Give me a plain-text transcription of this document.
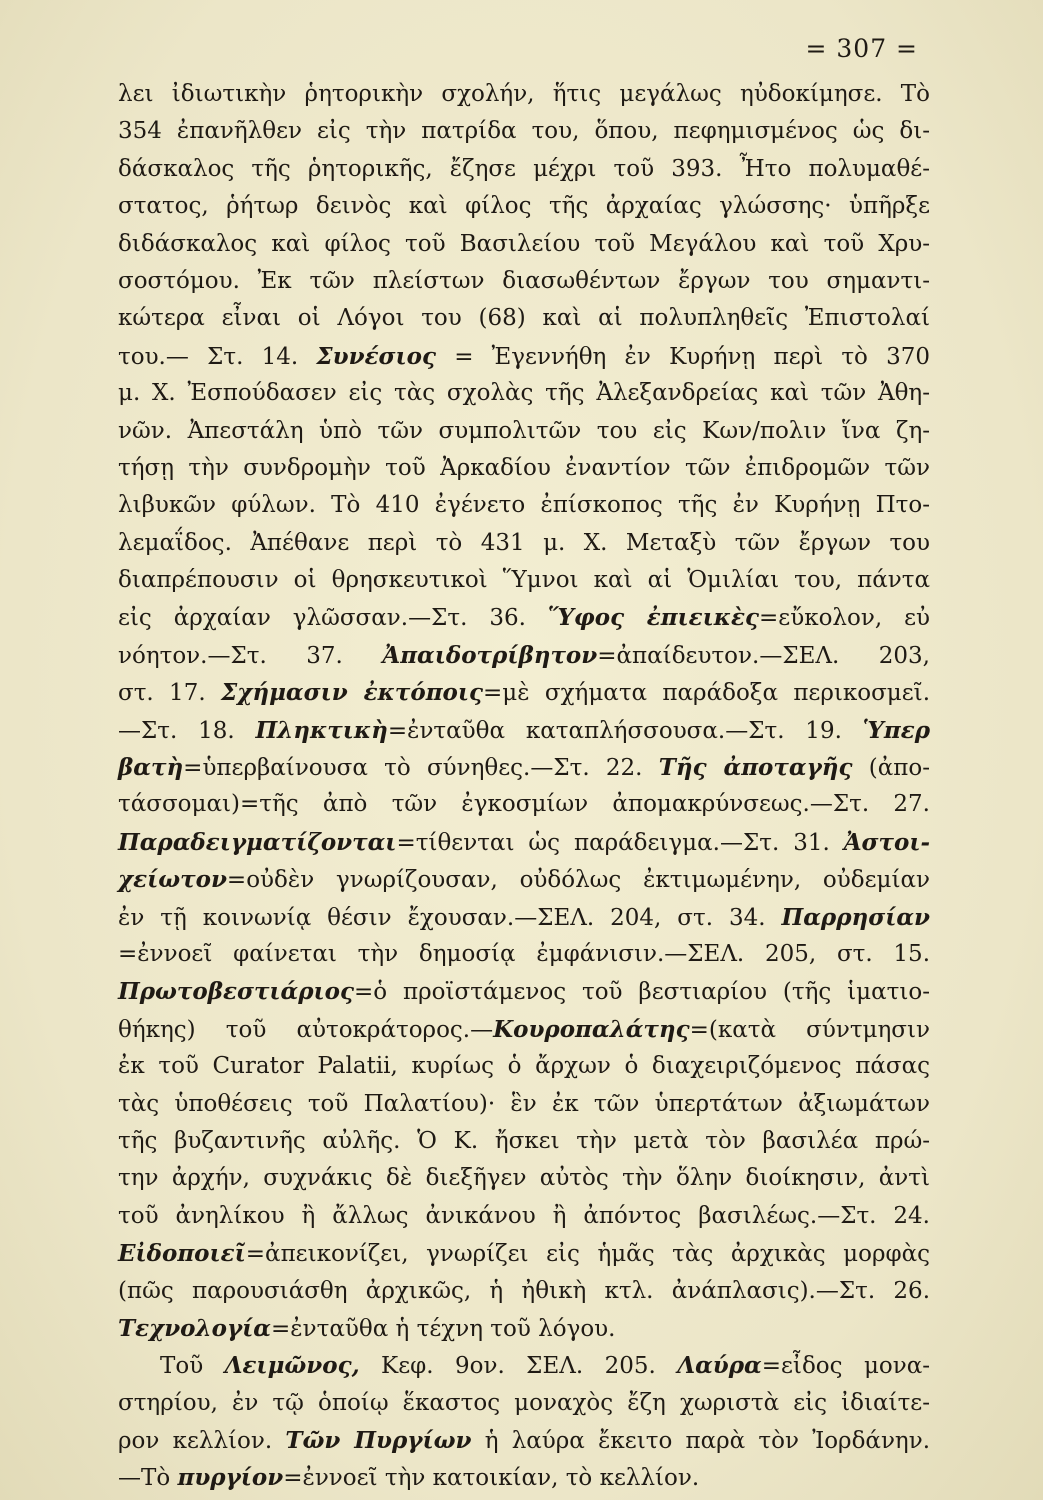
= 307 =
λει ἰδιωτικὴν ῥητορικὴν σχολήν, ἥτις μεγάλως ηὐδοκίμησε. Τὸ
354 ἐπανῆλθεν εἰς τὴν πατρίδα του, ὅπου, πεφημισμένος ὡς δι-
δάσκαλος τῆς ῥητορικῆς, ἔζησε μέχρι τοῦ 393. Ἦτο πολυμαθέ-
στατος, ῥήτωρ δεινὸς καὶ φίλος τῆς ἀρχαίας γλώσσης· ὑπῆρξε
διδάσκαλος καὶ φίλος τοῦ Βασιλείου τοῦ Μεγάλου καὶ τοῦ Χρυ-
σοστόμου. Ἐκ τῶν πλείστων διασωθέντων ἔργων του σημαντι-
κώτερα εἶναι οἱ Λόγοι του (68) καὶ αἱ πολυπληθεῖς Ἐπιστολαί
του.— Στ. 14. Συνέσιος = Ἐγεννήθη ἐν Κυρήνῃ περὶ τὸ 370
μ. Χ. Ἐσπούδασεν εἰς τὰς σχολὰς τῆς Ἀλεξανδρείας καὶ τῶν Ἀθη-
νῶν. Ἀπεστάλη ὑπὸ τῶν συμπολιτῶν του εἰς Κων/πολιν ἵνα ζη-
τήσῃ τὴν συνδρομὴν τοῦ Ἀρκαδίου ἐναντίον τῶν ἐπιδρομῶν τῶν
λιβυκῶν φύλων. Τὸ 410 ἐγένετο ἐπίσκοπος τῆς ἐν Κυρήνῃ Πτο-
λεμαΐδος. Ἀπέθανε περὶ τὸ 431 μ. Χ. Μεταξὺ τῶν ἔργων του
διαπρέπουσιν οἱ θρησκευτικοὶ Ὕμνοι καὶ αἱ Ὁμιλίαι του, πάντα
εἰς ἀρχαίαν γλῶσσαν.—Στ. 36. Ὕφος ἐπιεικὲς=εὔκολον, εὐ
νόητον.—Στ. 37. Ἀπαιδοτρίβητον=ἀπαίδευτον.—ΣΕΛ. 203,
στ. 17. Σχήμασιν ἐκτόποις=μὲ σχήματα παράδοξα περικοσμεῖ.
—Στ. 18. Πληκτικὴ=ἐνταῦθα καταπλήσσουσα.—Στ. 19. Ὑπερ
βατὴ=ὑπερβαίνουσα τὸ σύνηθες.—Στ. 22. Τῆς ἀποταγῆς (ἀπο-
τάσσομαι)=τῆς ἀπὸ τῶν ἐγκοσμίων ἀπομακρύνσεως.—Στ. 27.
Παραδειγματίζονται=τίθενται ὡς παράδειγμα.—Στ. 31. Ἀστοι-
χείωτον=οὐδὲν γνωρίζουσαν, οὐδόλως ἐκτιμωμένην, οὐδεμίαν
ἐν τῇ κοινωνίᾳ θέσιν ἔχουσαν.—ΣΕΛ. 204, στ. 34. Παρρησίαν
=ἐννοεῖ φαίνεται τὴν δημοσίᾳ ἐμφάνισιν.—ΣΕΛ. 205, στ. 15.
Πρωτοβεστιάριος=ὁ προϊστάμενος τοῦ βεστιαρίου (τῆς ἱματιο-
θήκης) τοῦ αὐτοκράτορος.—Κουροπαλάτης=(κατὰ σύντμησιν
ἐκ τοῦ Curator Palatii, κυρίως ὁ ἄρχων ὁ διαχειριζόμενος πάσας
τὰς ὑποθέσεις τοῦ Παλατίου)· ἓν ἐκ τῶν ὑπερτάτων ἀξιωμάτων
τῆς βυζαντινῆς αὐλῆς. Ὁ Κ. ἤσκει τὴν μετὰ τὸν βασιλέα πρώ-
την ἀρχήν, συχνάκις δὲ διεξῆγεν αὐτὸς τὴν ὅλην διοίκησιν, ἀντὶ
τοῦ ἀνηλίκου ἢ ἄλλως ἀνικάνου ἢ ἀπόντος βασιλέως.—Στ. 24.
Εἰδοποιεῖ=ἀπεικονίζει, γνωρίζει εἰς ἡμᾶς τὰς ἀρχικὰς μορφὰς
(πῶς παρουσιάσθη ἀρχικῶς, ἡ ἠθικὴ κτλ. ἀνάπλασις).—Στ. 26.
Τεχνολογία=ἐνταῦθα ἡ τέχνη τοῦ λόγου.
Τοῦ Λειμῶνος, Κεφ. 9ον. ΣΕΛ. 205. Λαύρα=εἶδος μονα-
στηρίου, ἐν τῷ ὁποίῳ ἕκαστος μοναχὸς ἔζη χωριστὰ εἰς ἰδιαίτε-
ρον κελλίον. Τῶν Πυργίων ἡ λαύρα ἔκειτο παρὰ τὸν Ἰορδάνην.
—Τὸ πυργίον=ἐννοεῖ τὴν κατοικίαν, τὸ κελλίον.
